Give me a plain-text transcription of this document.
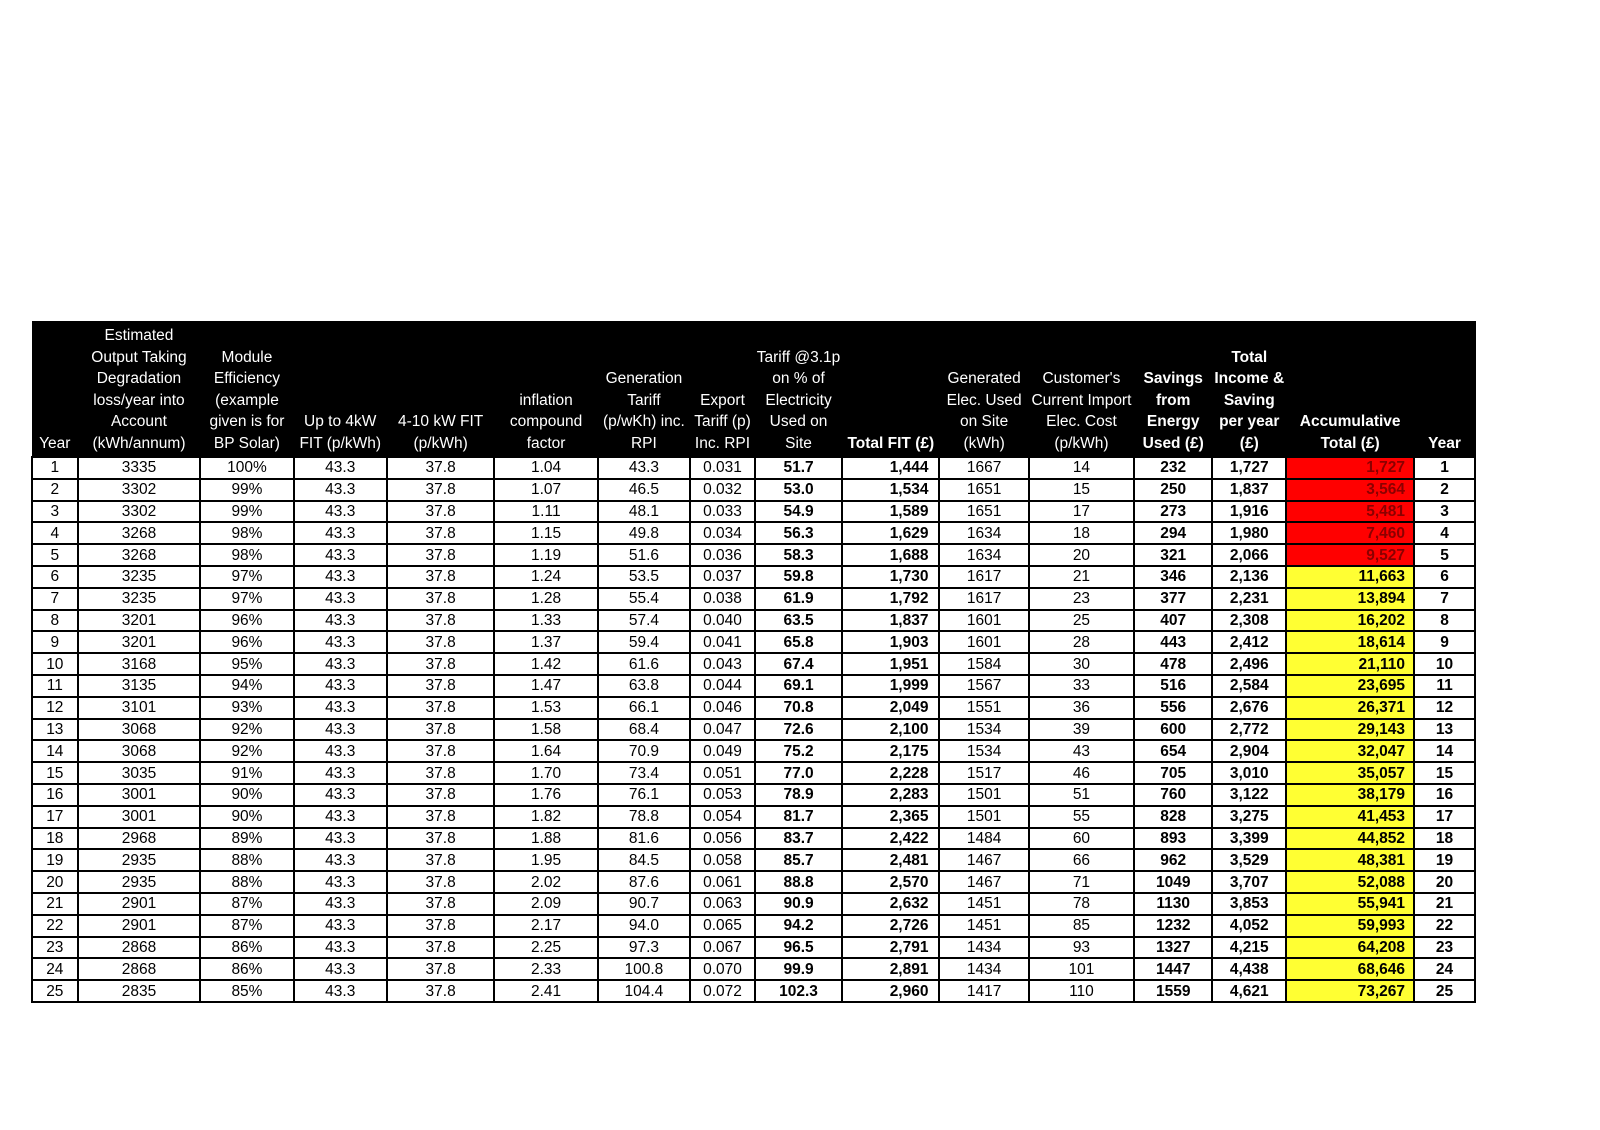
Year	Estimated Output Taking Degradation loss/year into Account (kWh/annum)	Module Efficiency (example given is for BP Solar)	Up to 4kW FIT (p/kWh)	4-10 kW FIT (p/kWh)	inflation compound factor	Generation Tariff (p/wKh) inc. RPI	Export Tariff (p) Inc. RPI	Tariff @3.1p on % of Electricity Used on Site	Total FIT (£)	Generated Elec. Used on Site (kWh)	Customer's Current Import Elec. Cost (p/kWh)	Savings from Energy Used (£)	Total Income & Saving per year (£)	Accumulative Total (£)	Year
1	3335	100%	43.3	37.8	1.04	43.3	0.031	51.7	1,444	1667	14	232	1,727	1,727	1
2	3302	99%	43.3	37.8	1.07	46.5	0.032	53.0	1,534	1651	15	250	1,837	3,564	2
3	3302	99%	43.3	37.8	1.11	48.1	0.033	54.9	1,589	1651	17	273	1,916	5,481	3
4	3268	98%	43.3	37.8	1.15	49.8	0.034	56.3	1,629	1634	18	294	1,980	7,460	4
5	3268	98%	43.3	37.8	1.19	51.6	0.036	58.3	1,688	1634	20	321	2,066	9,527	5
6	3235	97%	43.3	37.8	1.24	53.5	0.037	59.8	1,730	1617	21	346	2,136	11,663	6
7	3235	97%	43.3	37.8	1.28	55.4	0.038	61.9	1,792	1617	23	377	2,231	13,894	7
8	3201	96%	43.3	37.8	1.33	57.4	0.040	63.5	1,837	1601	25	407	2,308	16,202	8
9	3201	96%	43.3	37.8	1.37	59.4	0.041	65.8	1,903	1601	28	443	2,412	18,614	9
10	3168	95%	43.3	37.8	1.42	61.6	0.043	67.4	1,951	1584	30	478	2,496	21,110	10
11	3135	94%	43.3	37.8	1.47	63.8	0.044	69.1	1,999	1567	33	516	2,584	23,695	11
12	3101	93%	43.3	37.8	1.53	66.1	0.046	70.8	2,049	1551	36	556	2,676	26,371	12
13	3068	92%	43.3	37.8	1.58	68.4	0.047	72.6	2,100	1534	39	600	2,772	29,143	13
14	3068	92%	43.3	37.8	1.64	70.9	0.049	75.2	2,175	1534	43	654	2,904	32,047	14
15	3035	91%	43.3	37.8	1.70	73.4	0.051	77.0	2,228	1517	46	705	3,010	35,057	15
16	3001	90%	43.3	37.8	1.76	76.1	0.053	78.9	2,283	1501	51	760	3,122	38,179	16
17	3001	90%	43.3	37.8	1.82	78.8	0.054	81.7	2,365	1501	55	828	3,275	41,453	17
18	2968	89%	43.3	37.8	1.88	81.6	0.056	83.7	2,422	1484	60	893	3,399	44,852	18
19	2935	88%	43.3	37.8	1.95	84.5	0.058	85.7	2,481	1467	66	962	3,529	48,381	19
20	2935	88%	43.3	37.8	2.02	87.6	0.061	88.8	2,570	1467	71	1049	3,707	52,088	20
21	2901	87%	43.3	37.8	2.09	90.7	0.063	90.9	2,632	1451	78	1130	3,853	55,941	21
22	2901	87%	43.3	37.8	2.17	94.0	0.065	94.2	2,726	1451	85	1232	4,052	59,993	22
23	2868	86%	43.3	37.8	2.25	97.3	0.067	96.5	2,791	1434	93	1327	4,215	64,208	23
24	2868	86%	43.3	37.8	2.33	100.8	0.070	99.9	2,891	1434	101	1447	4,438	68,646	24
25	2835	85%	43.3	37.8	2.41	104.4	0.072	102.3	2,960	1417	110	1559	4,621	73,267	25
